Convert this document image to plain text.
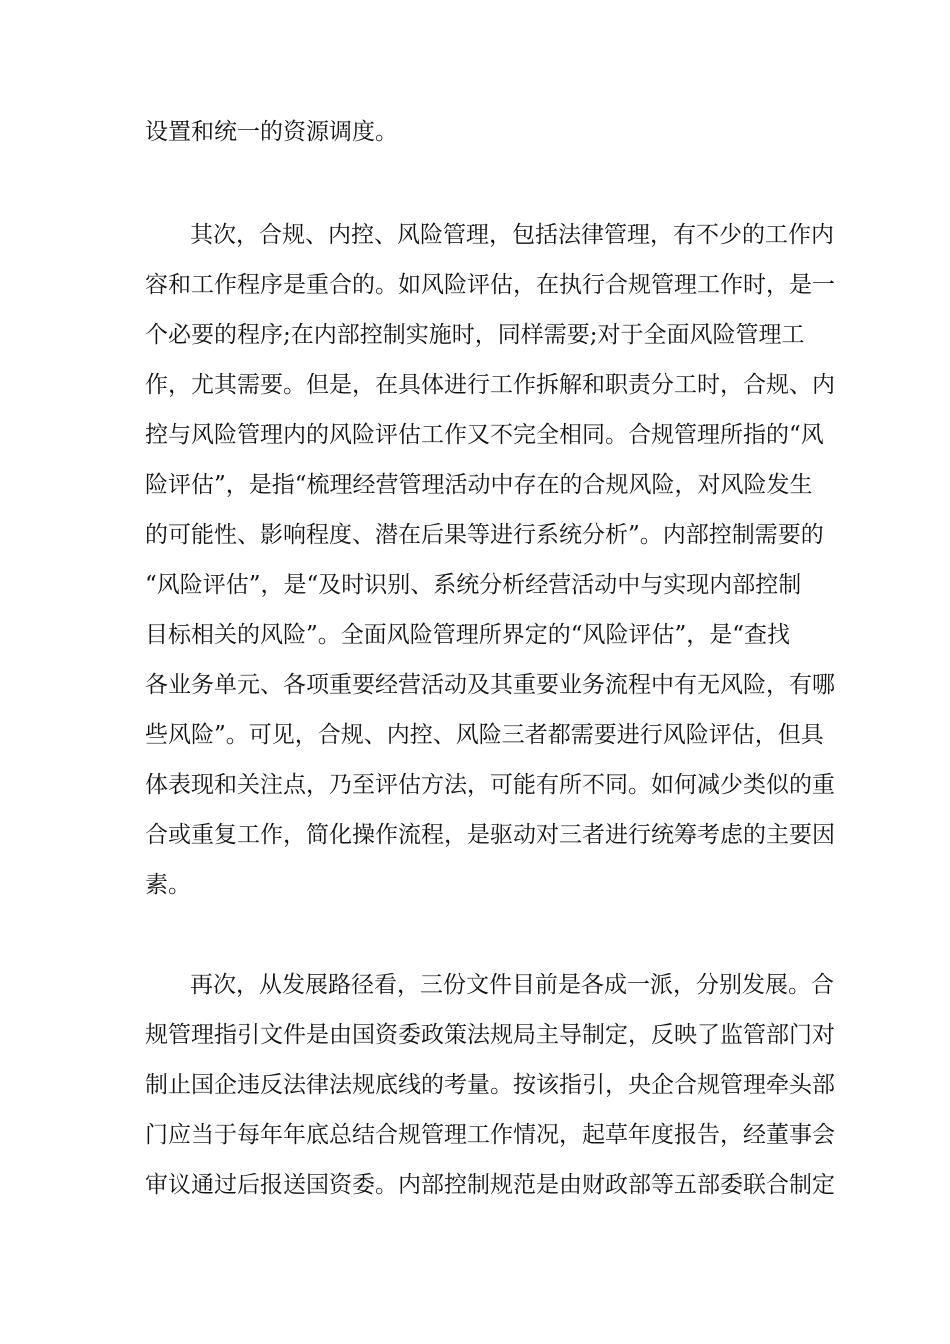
设置和统一的资源调度。
其次，合规、内控、风险管理，包括法律管理，有不少的工作内
容和工作程序是重合的。如风险评估，在执行合规管理工作时，是一
个必要的程序;在内部控制实施时，同样需要;对于全面风险管理工
作，尤其需要。但是，在具体进行工作拆解和职责分工时，合规、内
控与风险管理内的风险评估工作又不完全相同。合规管理所指的“风
险评估”，是指“梳理经营管理活动中存在的合规风险，对风险发生
的可能性、影响程度、潜在后果等进行系统分析”。内部控制需要的
“风险评估”，是“及时识别、系统分析经营活动中与实现内部控制
目标相关的风险”。全面风险管理所界定的“风险评估”，是“查找
各业务单元、各项重要经营活动及其重要业务流程中有无风险，有哪
些风险”。可见，合规、内控、风险三者都需要进行风险评估，但具
体表现和关注点，乃至评估方法，可能有所不同。如何减少类似的重
合或重复工作，简化操作流程，是驱动对三者进行统筹考虑的主要因
素。
再次，从发展路径看，三份文件目前是各成一派，分别发展。合
规管理指引文件是由国资委政策法规局主导制定，反映了监管部门对
制止国企违反法律法规底线的考量。按该指引，央企合规管理牵头部
门应当于每年年底总结合规管理工作情况，起草年度报告，经董事会
审议通过后报送国资委。内部控制规范是由财政部等五部委联合制定
